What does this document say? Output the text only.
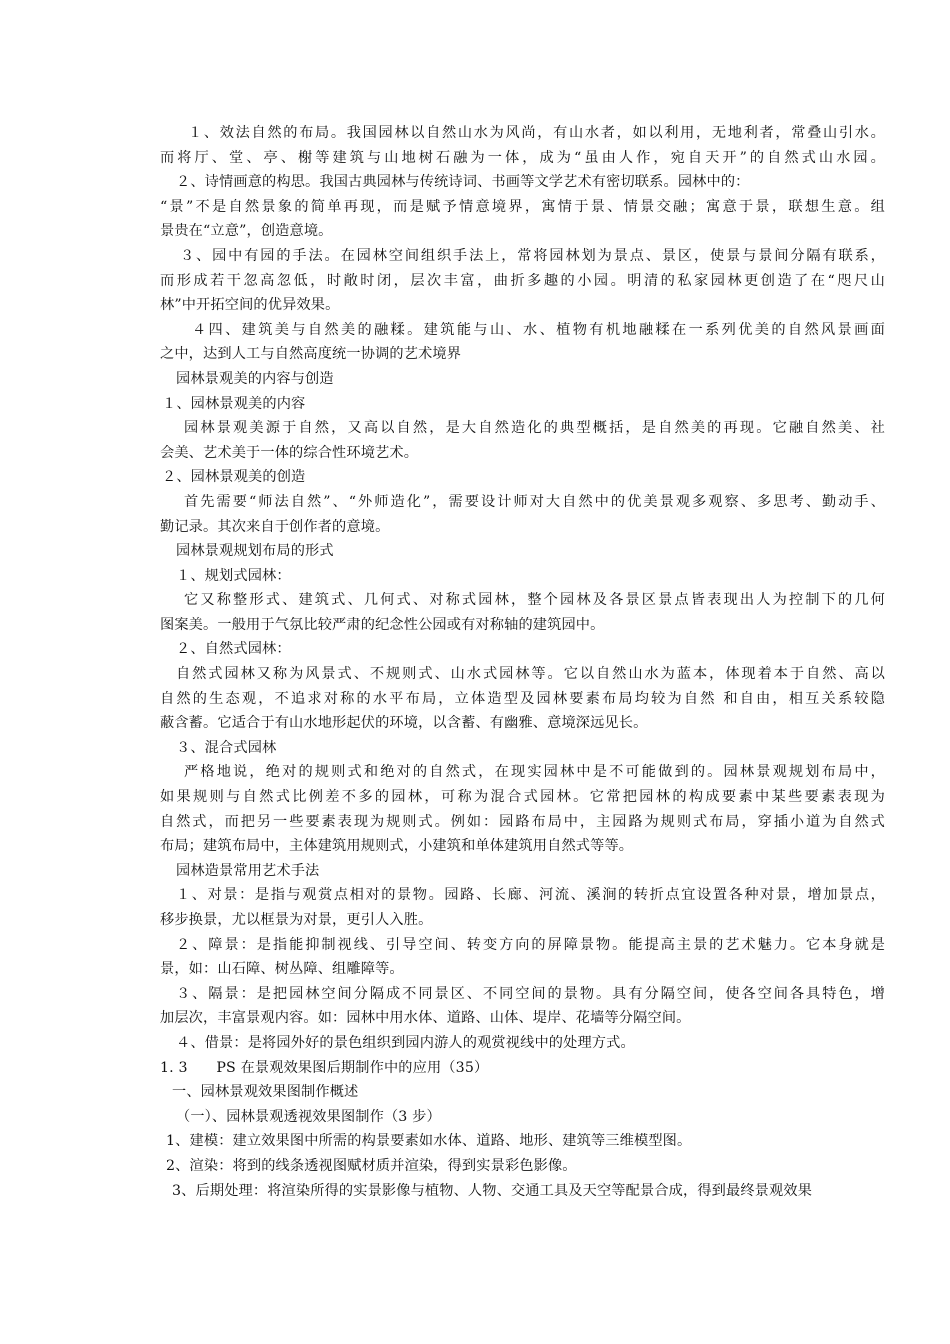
１、效法自然的布局。我国园林以自然山水为风尚，有山水者，如以利用，无地利者，常叠山引水。
而将厅、堂、亭、榭等建筑与山地树石融为一体，成为“虽由人作，宛自天开”的自然式山水园。
２、诗情画意的构思。我国古典园林与传统诗词、书画等文学艺术有密切联系。园林中的：
“景”不是自然景象的简单再现，而是赋予情意境界，寓情于景、情景交融；寓意于景，联想生意。组
景贵在“立意”，创造意境。
３、园中有园的手法。在园林空间组织手法上，常将园林划为景点、景区，使景与景间分隔有联系，
而形成若干忽高忽低，时敞时闭，层次丰富，曲折多趣的小园。明清的私家园林更创造了在“咫尺山
林”中开拓空间的优异效果。
４四、建筑美与自然美的融糅。建筑能与山、水、植物有机地融糅在一系列优美的自然风景画面
之中，达到人工与自然高度统一协调的艺术境界
园林景观美的内容与创造
１、园林景观美的内容
园林景观美源于自然，又高以自然，是大自然造化的典型概括，是自然美的再现。它融自然美、社
会美、艺术美于一体的综合性环境艺术。
２、园林景观美的创造
首先需要“师法自然”、“外师造化”，需要设计师对大自然中的优美景观多观察、多思考、勤动手、
勤记录。其次来自于创作者的意境。
园林景观规划布局的形式
１、规划式园林：
它又称整形式、建筑式、几何式、对称式园林，整个园林及各景区景点皆表现出人为控制下的几何
图案美。一般用于气氛比较严肃的纪念性公园或有对称轴的建筑园中。
２、自然式园林：
自然式园林又称为风景式、不规则式、山水式园林等。它以自然山水为蓝本，体现着本于自然、高以
自然的生态观，不追求对称的水平布局，立体造型及园林要素布局均较为自然 和自由，相互关系较隐
蔽含蓄。它适合于有山水地形起伏的环境，以含蓄、有幽雅、意境深远见长。
３、混合式园林
严格地说，绝对的规则式和绝对的自然式，在现实园林中是不可能做到的。园林景观规划布局中，
如果规则与自然式比例差不多的园林，可称为混合式园林。它常把园林的构成要素中某些要素表现为
自然式，而把另一些要素表现为规则式。例如：园路布局中，主园路为规则式布局，穿插小道为自然式
布局；建筑布局中，主体建筑用规则式，小建筑和单体建筑用自然式等等。
园林造景常用艺术手法
１、对景：是指与观赏点相对的景物。园路、长廊、河流、溪涧的转折点宜设置各种对景，增加景点，
移步换景，尤以框景为对景，更引人入胜。
２、障景：是指能抑制视线、引导空间、转变方向的屏障景物。能提高主景的艺术魅力。它本身就是
景，如：山石障、树丛障、组雕障等。
３、隔景：是把园林空间分隔成不同景区、不同空间的景物。具有分隔空间，使各空间各具特色，增
加层次，丰富景观内容。如：园林中用水体、道路、山体、堤岸、花墙等分隔空间。
４、借景：是将园外好的景色组织到园内游人的观赏视线中的处理方式。
1. 3　　PS 在景观效果图后期制作中的应用（35）
一、园林景观效果图制作概述
（一）、园林景观透视效果图制作（3 步）
1、建模：建立效果图中所需的构景要素如水体、道路、地形、建筑等三维模型图。
2、渲染：将到的线条透视图赋材质并渲染，得到实景彩色影像。
3、后期处理：将渲染所得的实景影像与植物、人物、交通工具及天空等配景合成，得到最终景观效果
